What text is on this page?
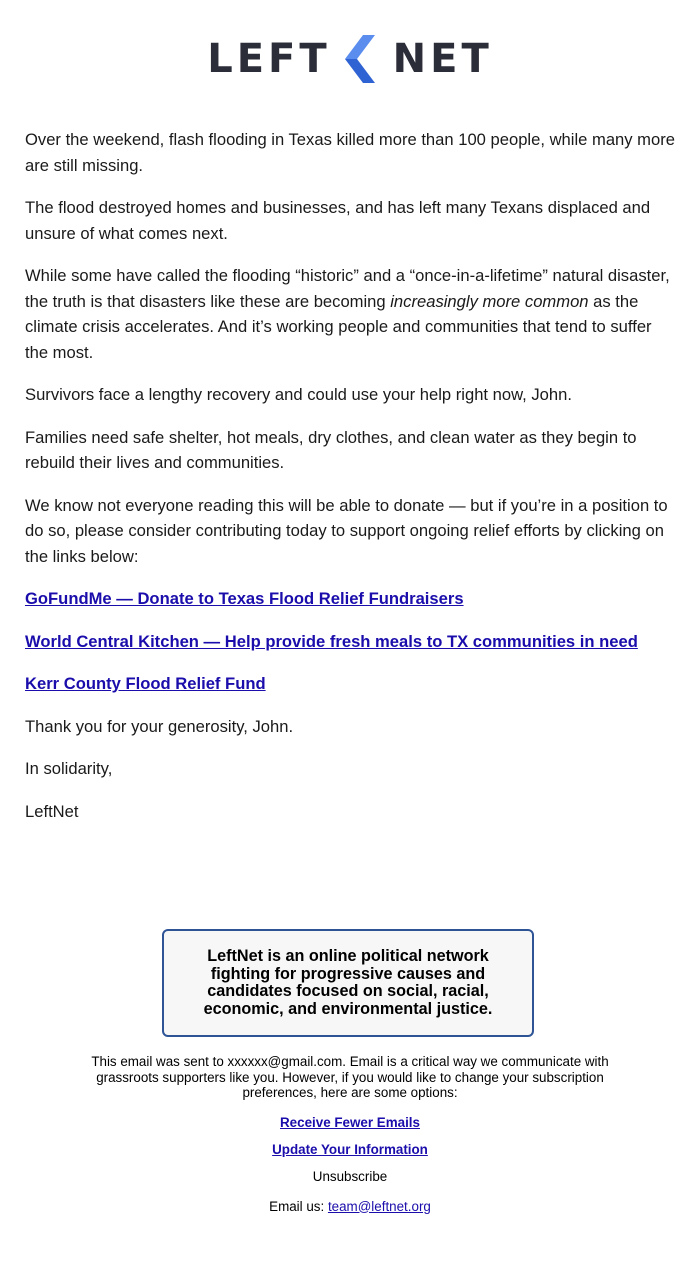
LEFT NET

Over the weekend, flash flooding in Texas killed more than 100 people, while many more are still missing.

The flood destroyed homes and businesses, and has left many Texans displaced and unsure of what comes next.

While some have called the flooding “historic” and a “once-in-a-lifetime” natural disaster, the truth is that disasters like these are becoming increasingly more common as the climate crisis accelerates. And it’s working people and communities that tend to suffer the most.

Survivors face a lengthy recovery and could use your help right now, John.

Families need safe shelter, hot meals, dry clothes, and clean water as they begin to rebuild their lives and communities.

We know not everyone reading this will be able to donate — but if you’re in a position to do so, please consider contributing today to support ongoing relief efforts by clicking on the links below:

GoFundMe — Donate to Texas Flood Relief Fundraisers
World Central Kitchen — Help provide fresh meals to TX communities in need
Kerr County Flood Relief Fund

Thank you for your generosity, John.

In solidarity,

LeftNet

LeftNet is an online political network fighting for progressive causes and candidates focused on social, racial, economic, and environmental justice.

This email was sent to xxxxxx@gmail.com. Email is a critical way we communicate with grassroots supporters like you. However, if you would like to change your subscription preferences, here are some options:

Receive Fewer Emails
Update Your Information

Unsubscribe

Email us: team@leftnet.org
